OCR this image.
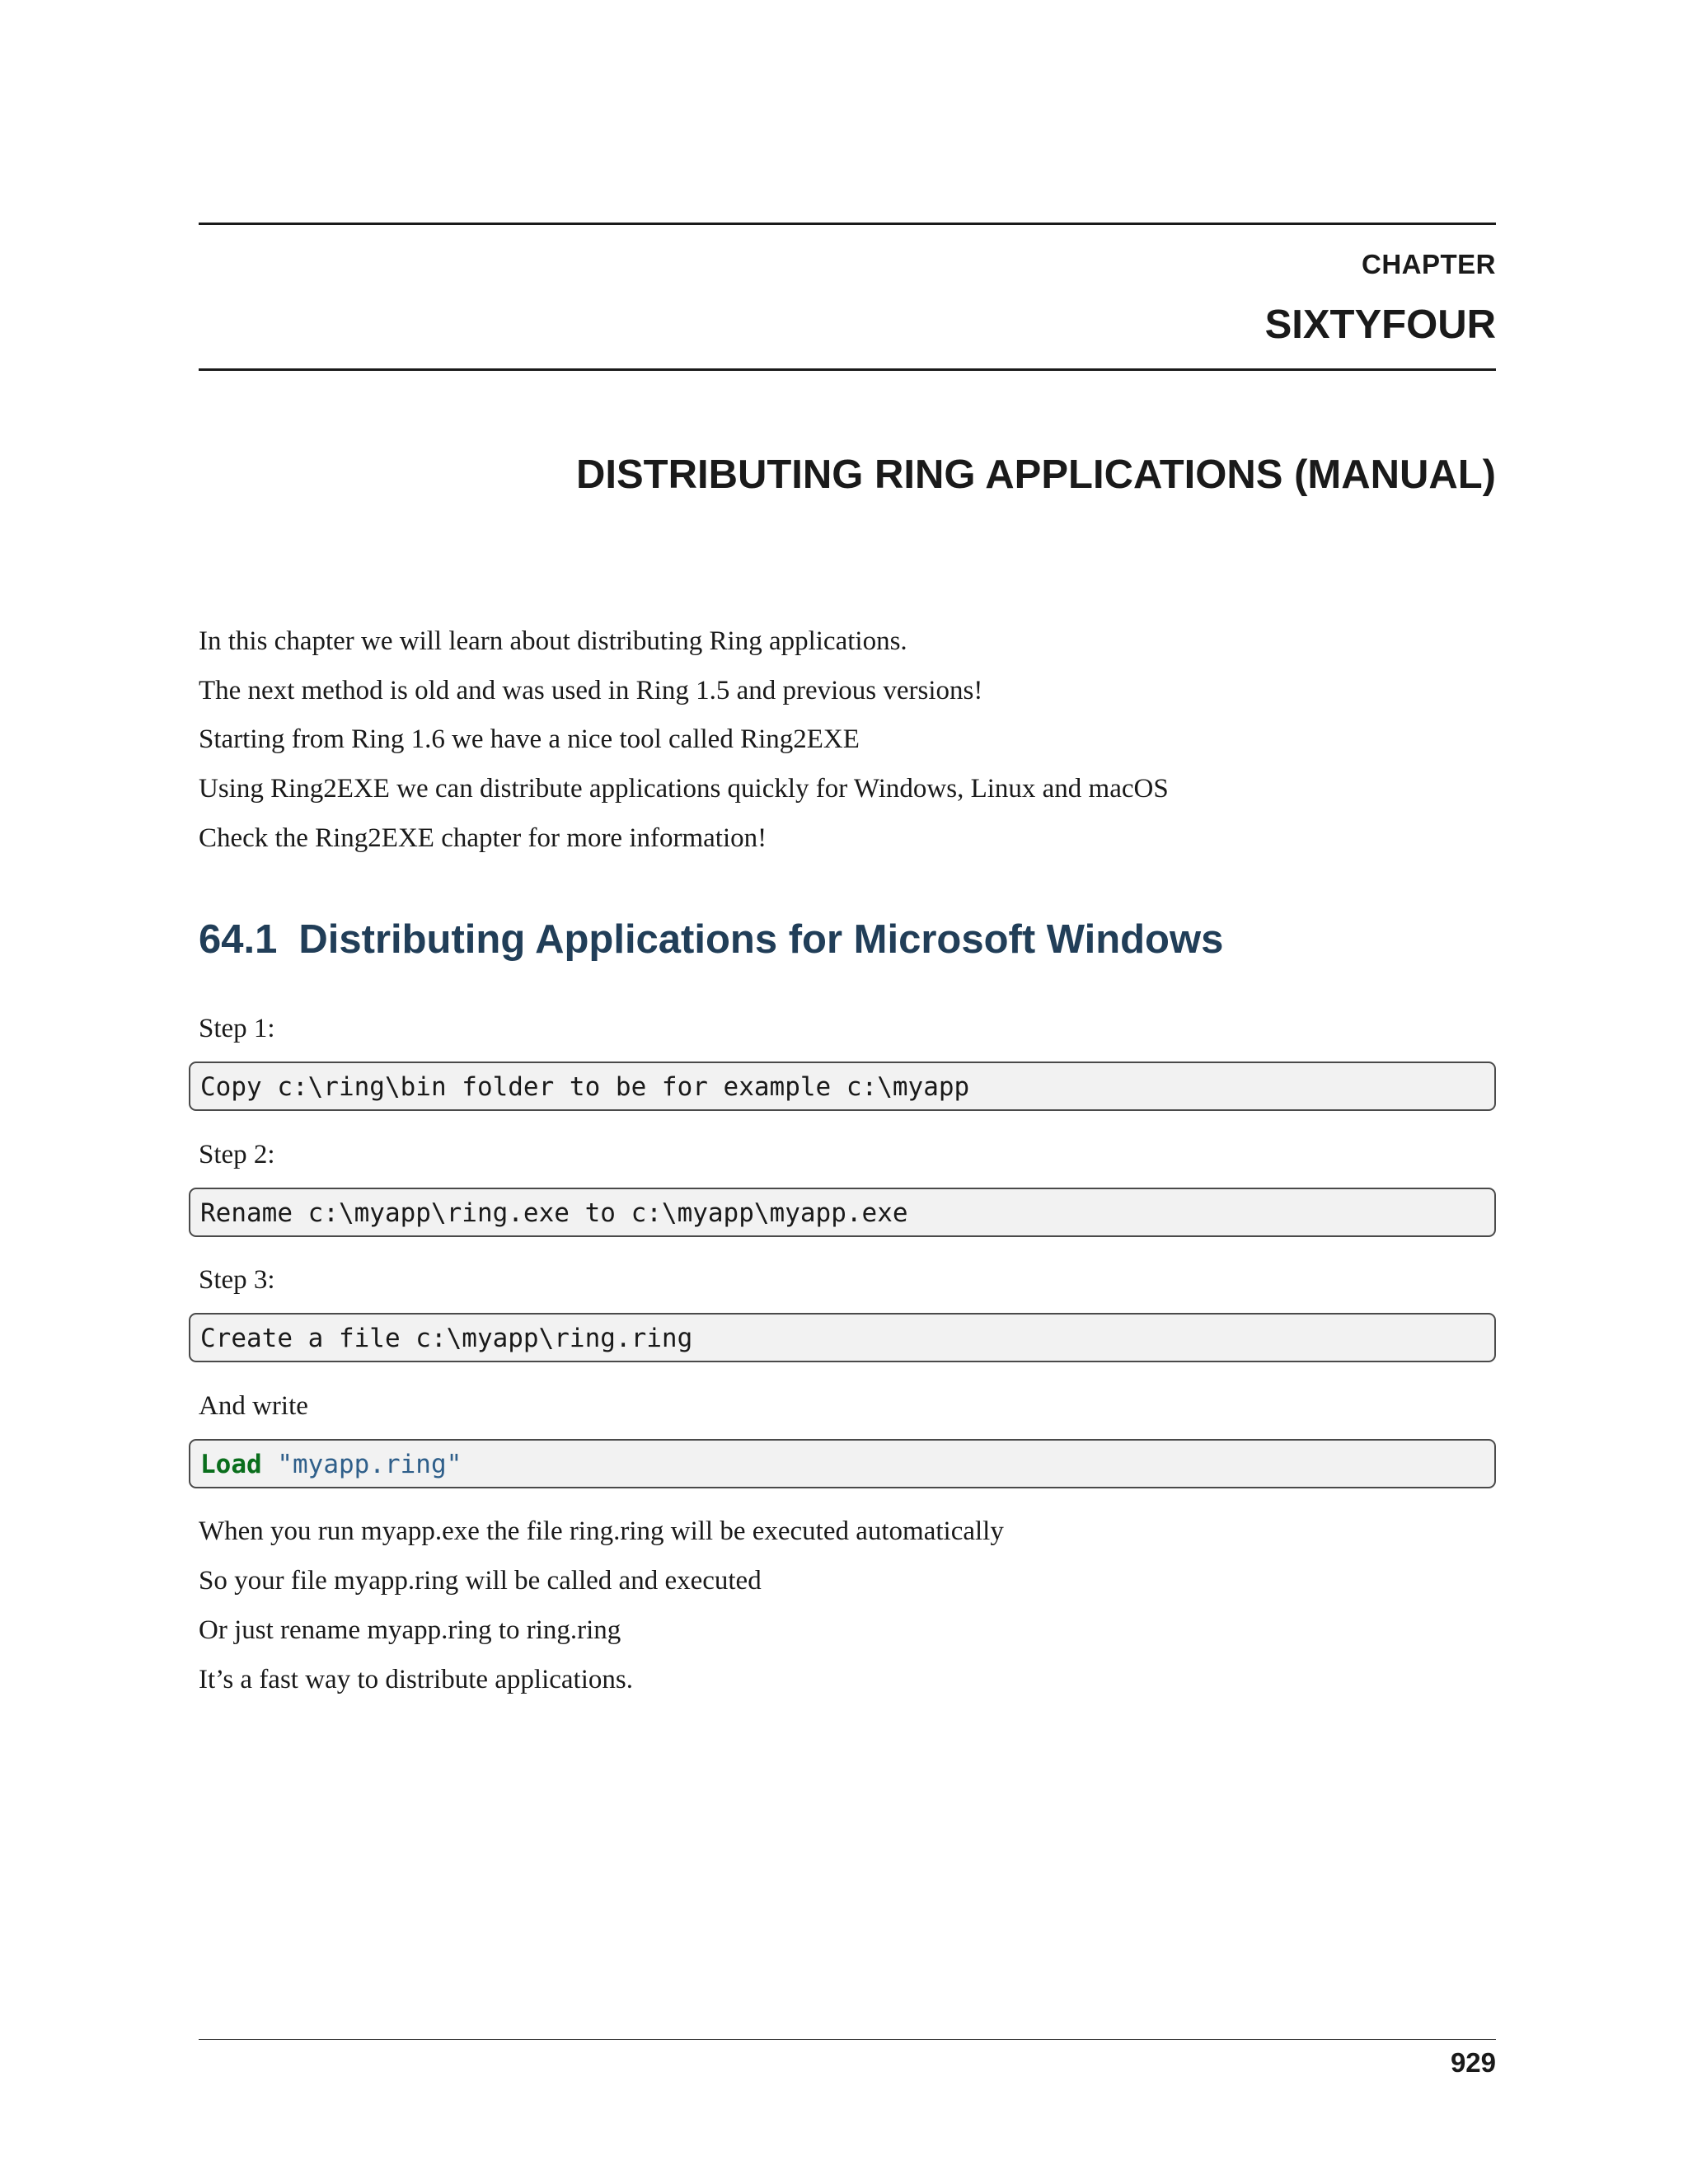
CHAPTER
SIXTYFOUR
DISTRIBUTING RING APPLICATIONS (MANUAL)
In this chapter we will learn about distributing Ring applications.
The next method is old and was used in Ring 1.5 and previous versions!
Starting from Ring 1.6 we have a nice tool called Ring2EXE
Using Ring2EXE we can distribute applications quickly for Windows, Linux and macOS
Check the Ring2EXE chapter for more information!
64.1 Distributing Applications for Microsoft Windows
Step 1:
Copy c:\ring\bin folder to be for example c:\myapp
Step 2:
Rename c:\myapp\ring.exe to c:\myapp\myapp.exe
Step 3:
Create a file c:\myapp\ring.ring
And write
Load "myapp.ring"
When you run myapp.exe the file ring.ring will be executed automatically
So your file myapp.ring will be called and executed
Or just rename myapp.ring to ring.ring
It’s a fast way to distribute applications.
929
